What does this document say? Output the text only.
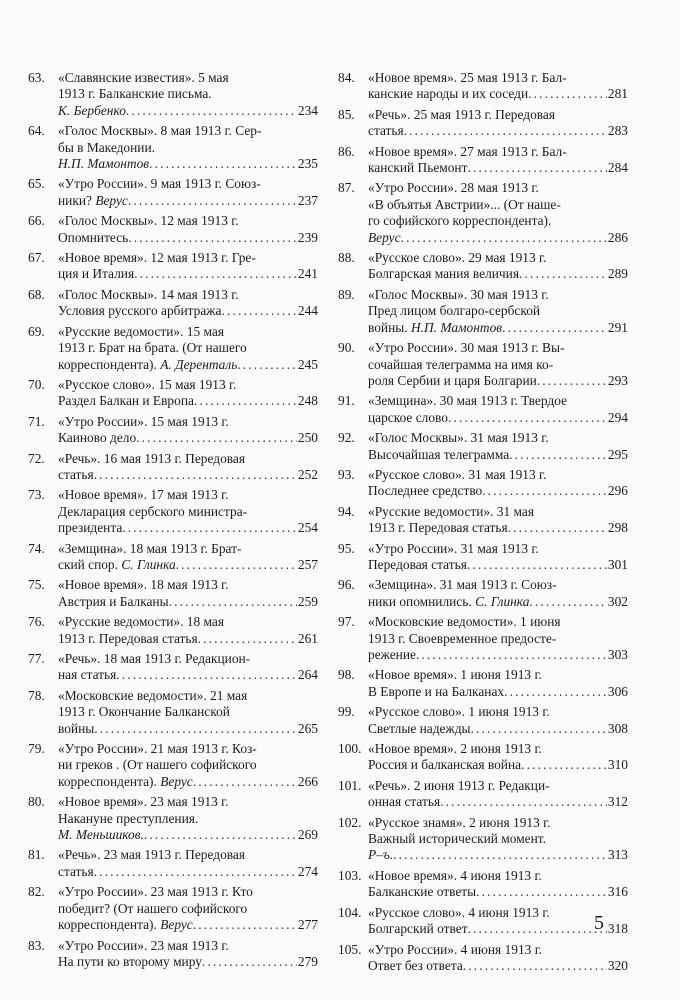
63. «Славянские известия». 5 мая
1913 г. Балканские письма.
К. Бербенко . . .	234
64. «Голос Москвы». 8 мая 1913 г. Сер-
бы в Македонии.
Н.П. Мамонтов . . .	235
65. «Утро России». 9 мая 1913 г. Союз-
ники?
Верус . . .	237
66. «Голос Москвы». 12 мая 1913 г.
Опомнитесь . . .	239
67. «Новое время». 12 мая 1913 г. Гре-
ция и Италия . . .	241
68. «Голос Москвы». 14 мая 1913 г.
Условия русского арбитража . . .	244
69. «Русские ведомости». 15 мая
1913 г. Брат на брата. (От нашего
корреспондента).
А. Деренталь . . .	245
70. «Русское слово». 15 мая 1913 г.
Раздел Балкан и Европа . . .	248
71. «Утро России». 15 мая 1913 г.
Каиново дело . . .	250
72. «Речь». 16 мая 1913 г. Передовая
статья . . .	252
73. «Новое время». 17 мая 1913 г.
Декларация сербского министра-
президента . . .	254
74. «Земщина». 18 мая 1913 г. Брат-
ский спор.
С. Глинка . . .	257
75. «Новое время». 18 мая 1913 г.
Австрия и Балканы . . .	259
76. «Русские ведомости». 18 мая
1913 г. Передовая статья . . .	261
77. «Речь». 18 мая 1913 г. Редакцион-
ная статья . . .	264
78. «Московские ведомости». 21 мая
1913 г. Окончание Балканской
войны . . .	265
79. «Утро России». 21 мая 1913 г. Коз-
ни греков . (От нашего софийского
корреспондента).
Верус . . .	266
80. «Новое время». 23 мая 1913 г.
Накануне преступления.
М. Меньшиков. . . .	269
81. «Речь». 23 мая 1913 г. Передовая
статья . . .	274
82. «Утро России». 23 мая 1913 г. Кто
победит? (От нашего софийского
корреспондента).
Верус . . .	277
83. «Утро России». 23 мая 1913 г.
На пути ко второму миру . . .	279
84. «Новое время». 25 мая 1913 г. Бал-
канские народы и их соседи . . .	281
85. «Речь». 25 мая 1913 г. Передовая
статья . . .	283
86. «Новое время». 27 мая 1913 г. Бал-
канский Пьемонт . . .	284
87. «Утро России». 28 мая 1913 г.
«В объятья Австрии»... (От наше-
го софийского корреспондента).
Верус . . .	286
88. «Русское слово». 29 мая 1913 г.
Болгарская мания величия . . .	289
89. «Голос Москвы». 30 мая 1913 г.
Пред лицом болгаро-сербской
войны.
Н.П. Мамонтов . . .	291
90. «Утро России». 30 мая 1913 г. Вы-
сочайшая телеграмма на имя ко-
роля Сербии и царя Болгарии . . .	293
91. «Земщина». 30 мая 1913 г. Твердое
царское слово . . .	294
92. «Голос Москвы». 31 мая 1913 г.
Высочайшая телеграмма . . .	295
93. «Русское слово». 31 мая 1913 г.
Последнее средство . . .	296
94. «Русские ведомости». 31 мая
1913 г. Передовая статья . . .	298
95. «Утро России». 31 мая 1913 г.
Передовая статья . . .	301
96. «Земщина». 31 мая 1913 г. Союз-
ники опомнились.
С. Глинка . . .	302
97. «Московские ведомости». 1 июня
1913 г. Своевременное предосте-
режение . . .	303
98. «Новое время». 1 июня 1913 г.
В Европе и на Балканах . . .	306
99. «Русское слово». 1 июня 1913 г.
Светлые надежды . . .	308
100. «Новое время». 2 июня 1913 г.
Россия и балканская война . . .	310
101. «Речь». 2 июня 1913 г. Редакци-
онная статья . . .	312
102. «Русское знамя». 2 июня 1913 г.
Важный исторический момент.
Р–ъ. . . .	313
103. «Новое время». 4 июня 1913 г.
Балканские ответы . . .	316
104. «Русское слово». 4 июня 1913 г.
Болгарский ответ . . .	318
105. «Утро России». 4 июня 1913 г.
Ответ без ответа . . .	320
5
